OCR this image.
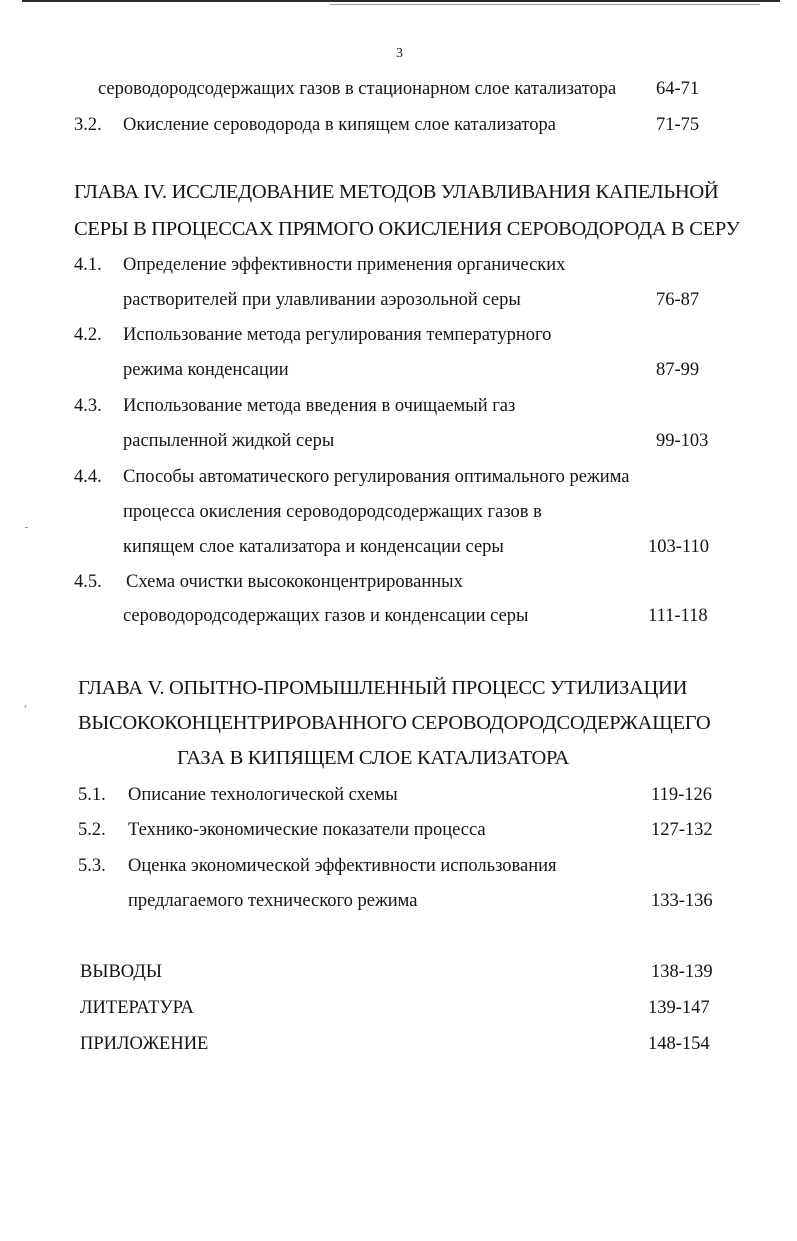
3
сероводородсодержащих газов в стационарном слое катализатора 64-71
3.2. Окисление сероводорода в кипящем слое катализатора	71-75
ГЛАВА IV. ИССЛЕДОВАНИЕ МЕТОДОВ УЛАВЛИВАНИЯ КАПЕЛЬНОЙ
СЕРЫ В ПРОЦЕССАХ ПРЯМОГО ОКИСЛЕНИЯ СЕРОВОДОРОДА В СЕРУ
4.1. Определение эффективности применения органических
растворителей при улавливании аэрозольной серы	76-87
4.2. Использование метода регулирования температурного
режима конденсации	87-99
4.3. Использование метода введения в очищаемый газ
распыленной жидкой серы	99-103
4.4. Способы автоматического регулирования оптимального режима
процесса окисления сероводородсодержащих газов в
кипящем слое катализатора и конденсации серы	103-110
4.5. Схема очистки высококонцентрированных
сероводородсодержащих газов и конденсации серы	111-118
ГЛАВА V. ОПЫТНО-ПРОМЫШЛЕННЫЙ ПРОЦЕСС УТИЛИЗАЦИИ
ВЫСОКОКОНЦЕНТРИРОВАННОГО СЕРОВОДОРОДСОДЕРЖАЩЕГО
ГАЗА В КИПЯЩЕМ СЛОЕ КАТАЛИЗАТОРА
5.1. Описание технологической схемы	119-126
5.2. Технико-экономические показатели процесса	127-132
5.3. Оценка экономической эффективности использования
предлагаемого технического режима	133-136
ВЫВОДЫ	138-139
ЛИТЕРАТУРА	139-147
ПРИЛОЖЕНИЕ	148-154
